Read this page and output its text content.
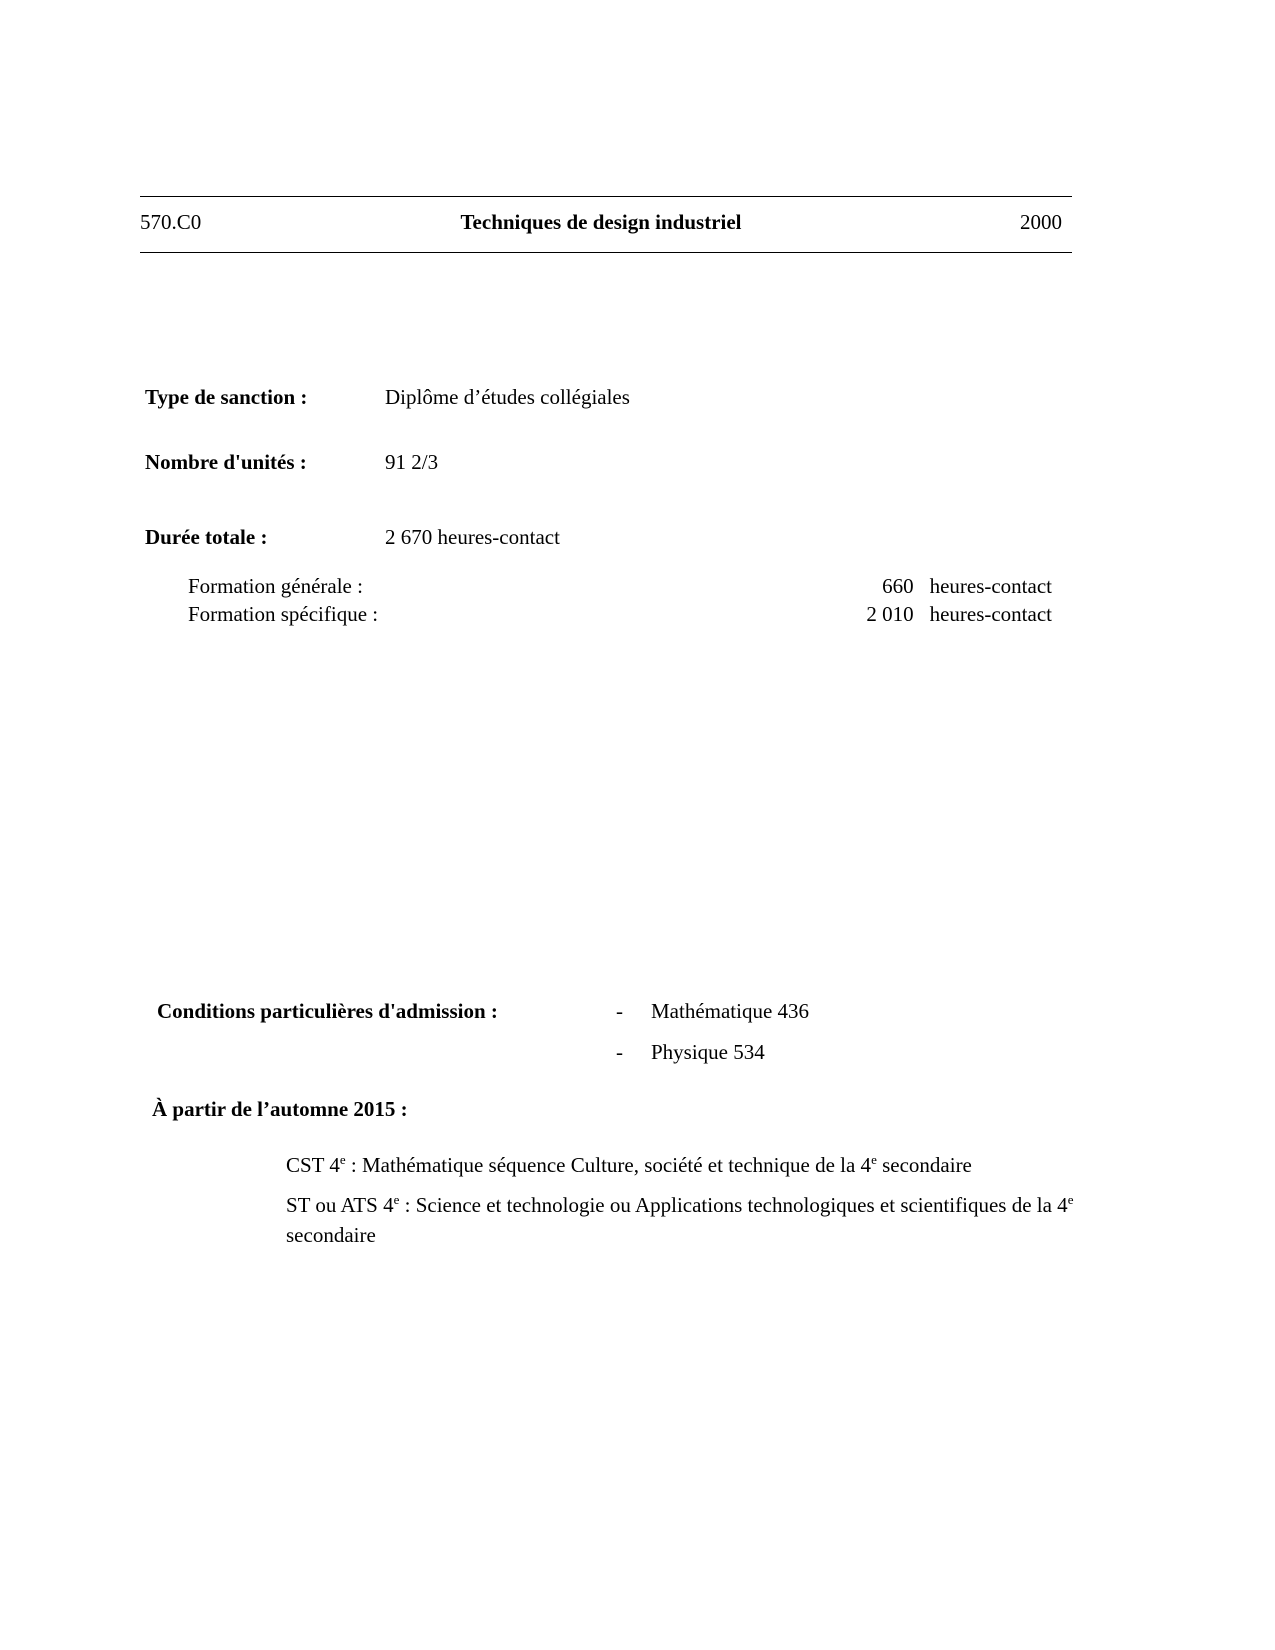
570.C0	Techniques de design industriel	2000
Type de sanction :	Diplôme d’études collégiales
Nombre d'unités :	91 2/3
Durée totale :	2 670 heures-contact
Formation générale :	660 heures-contact
Formation spécifique :	2 010 heures-contact
Conditions particulières d'admission :	- Mathématique 436
- Physique 534
À partir de l’automne 2015 :
CST 4e : Mathématique séquence Culture, société et technique de la 4e secondaire
ST ou ATS 4e : Science et technologie ou Applications technologiques et scientifiques de la 4e secondaire
